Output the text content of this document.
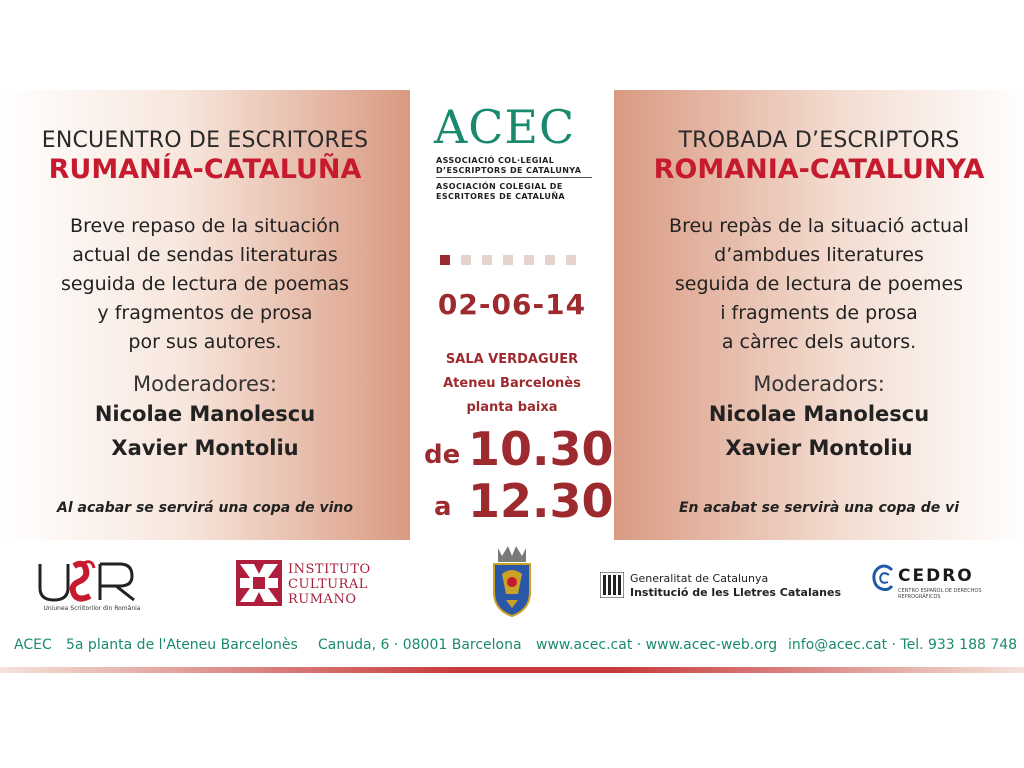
ENCUENTRO DE ESCRITORES
RUMANÍA-CATALUÑA
Breve repaso de la situación
actual de sendas literaturas
seguida de lectura de poemas
y fragmentos de prosa
por sus autores.
Moderadores:
Nicolae Manolescu
Xavier Montoliu
Al acabar se servirá una copa de vino
ACEC
ASSOCIACIÓ COL·LEGIAL
D’ESCRIPTORS DE CATALUNYA
ASOCIACIÓN COLEGIAL DE
ESCRITORES DE CATALUÑA
02-06-14
SALA VERDAGUER
Ateneu Barcelonès
planta baixa
de 10.30
a 12.30
TROBADA D’ESCRIPTORS
ROMANIA-CATALUNYA
Breu repàs de la situació actual
d’ambdues literatures
seguida de lectura de poemes
i fragments de prosa
a càrrec dels autors.
Moderadors:
Nicolae Manolescu
Xavier Montoliu
En acabat se servirà una copa de vi
Uniunea Scriitorilor din România
INSTITUTO
CULTURAL
RUMANO
Generalitat de Catalunya
Institució de les Lletres Catalanes
CEDRO
CENTRO ESPAÑOL DE DERECHOS
REPROGRÁFICOS
ACEC 5a planta de l'Ateneu Barcelonès Canuda, 6 · 08001 Barcelona www.acec.cat · www.acec-web.org info@acec.cat · Tel. 933 188 748
